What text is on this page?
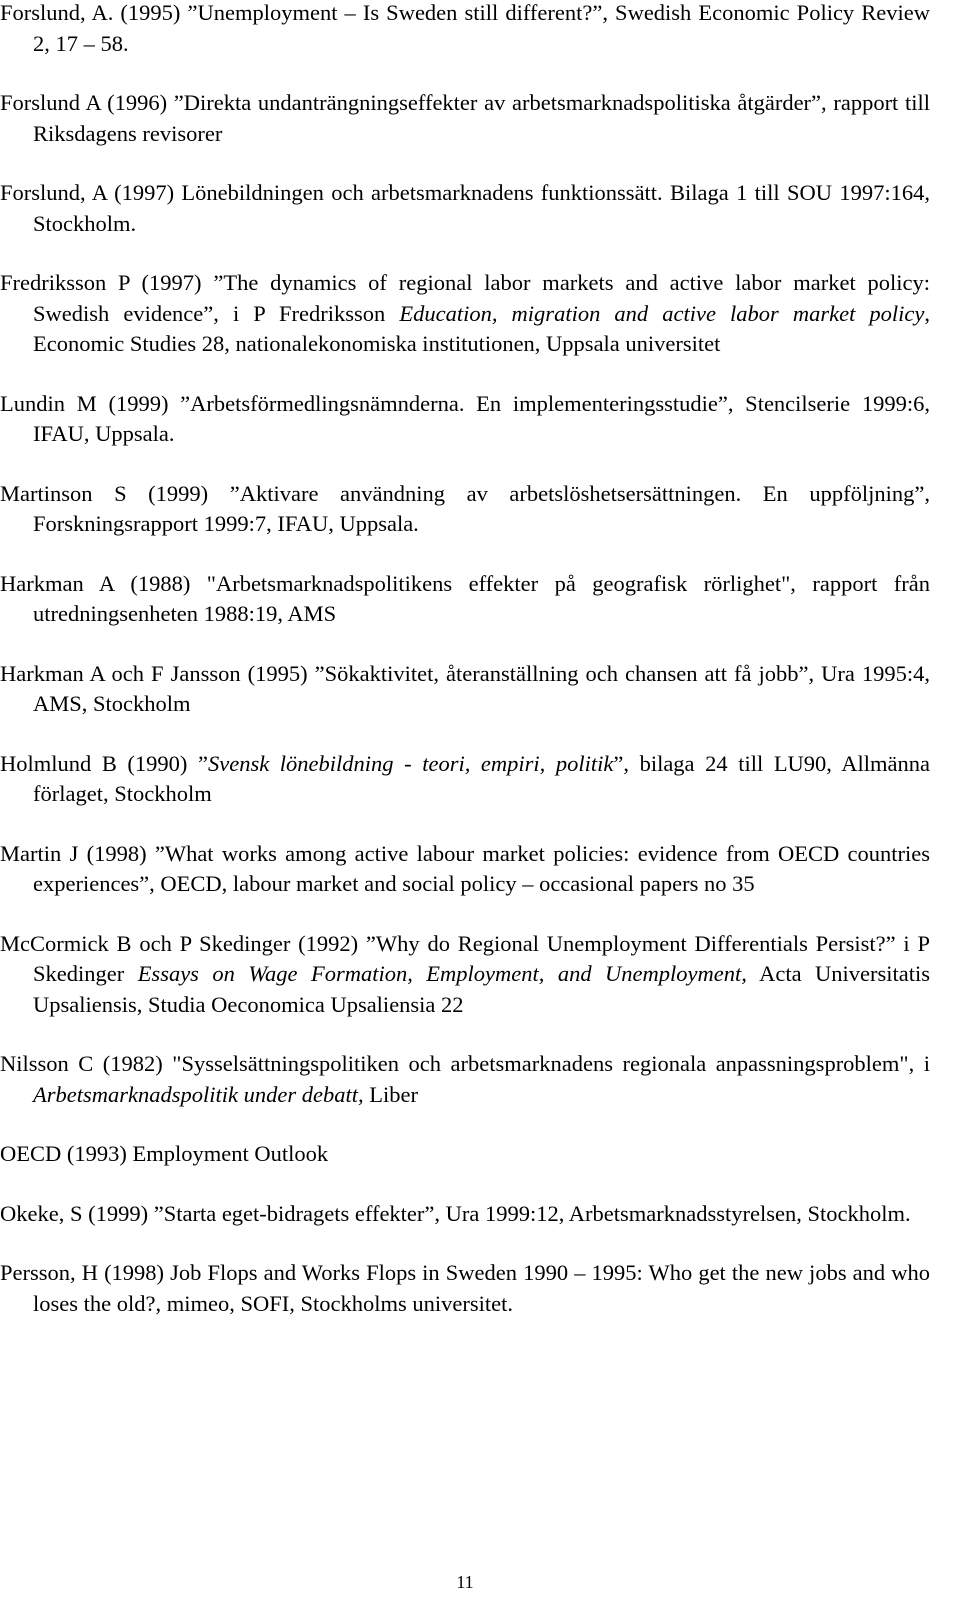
Forslund, A. (1995) ”Unemployment – Is Sweden still different?”, Swedish Economic Policy Review 2, 17 – 58.

Forslund A (1996) ”Direkta undanträngningseffekter av arbetsmarknadspolitiska åtgärder”, rapport till Riksdagens revisorer

Forslund, A (1997) Lönebildningen och arbetsmarknadens funktionssätt. Bilaga 1 till SOU 1997:164, Stockholm.

Fredriksson P (1997) ”The dynamics of regional labor markets and active labor market policy: Swedish evidence”, i P Fredriksson Education, migration and active labor market policy, Economic Studies 28, nationalekonomiska institutionen, Uppsala universitet

Lundin M (1999) ”Arbetsförmedlingsnämnderna. En implementeringsstudie”, Stencilserie 1999:6, IFAU, Uppsala.

Martinson S (1999) ”Aktivare användning av arbetslöshetsersättningen. En uppföljning”, Forskningsrapport 1999:7, IFAU, Uppsala.

Harkman A (1988) "Arbetsmarknadspolitikens effekter på geografisk rörlighet", rapport från utredningsenheten 1988:19, AMS

Harkman A och F Jansson (1995) ”Sökaktivitet, återanställning och chansen att få jobb”, Ura 1995:4, AMS, Stockholm

Holmlund B (1990) ”Svensk lönebildning - teori, empiri, politik”, bilaga 24 till LU90, Allmänna förlaget, Stockholm

Martin J (1998) ”What works among active labour market policies: evidence from OECD countries experiences”, OECD, labour market and social policy – occasional papers no 35

McCormick B och P Skedinger (1992) ”Why do Regional Unemployment Differentials Persist?” i P Skedinger Essays on Wage Formation, Employment, and Unemployment, Acta Universitatis Upsaliensis, Studia Oeconomica Upsaliensia 22

Nilsson C (1982) "Sysselsättningspolitiken och arbetsmarknadens regionala anpassningsproblem", i Arbetsmarknadspolitik under debatt, Liber

OECD (1993) Employment Outlook

Okeke, S (1999) ”Starta eget-bidragets effekter”, Ura 1999:12, Arbetsmarknadsstyrelsen, Stockholm.

Persson, H (1998) Job Flops and Works Flops in Sweden 1990 – 1995: Who get the new jobs and who loses the old?, mimeo, SOFI, Stockholms universitet.

11
